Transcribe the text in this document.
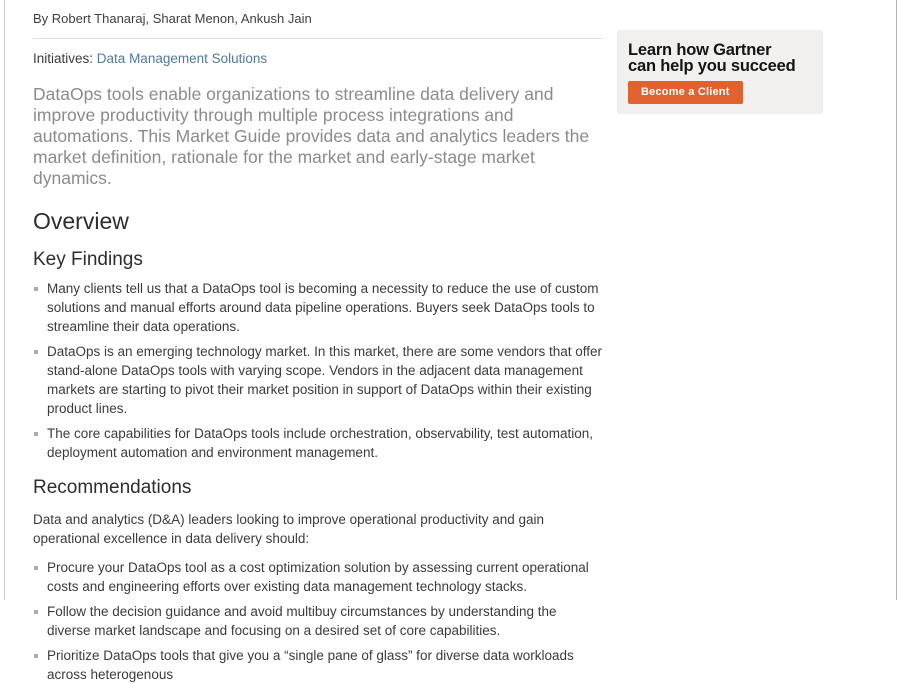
By Robert Thanaraj, Sharat Menon, Ankush Jain
Initiatives: Data Management Solutions
DataOps tools enable organizations to streamline data delivery and improve productivity through multiple process integrations and automations. This Market Guide provides data and analytics leaders the market definition, rationale for the market and early-stage market dynamics.
Overview
Key Findings
Many clients tell us that a DataOps tool is becoming a necessity to reduce the use of custom solutions and manual efforts around data pipeline operations. Buyers seek DataOps tools to streamline their data operations.
DataOps is an emerging technology market. In this market, there are some vendors that offer stand-alone DataOps tools with varying scope. Vendors in the adjacent data management markets are starting to pivot their market position in support of DataOps within their existing product lines.
The core capabilities for DataOps tools include orchestration, observability, test automation, deployment automation and environment management.
Recommendations
Data and analytics (D&A) leaders looking to improve operational productivity and gain operational excellence in data delivery should:
Procure your DataOps tool as a cost optimization solution by assessing current operational costs and engineering efforts over existing data management technology stacks.
Follow the decision guidance and avoid multibuy circumstances by understanding the diverse market landscape and focusing on a desired set of core capabilities.
Prioritize DataOps tools that give you a “single pane of glass” for diverse data workloads across heterogenous
Learn how Gartner
can help you succeed
Become a Client
